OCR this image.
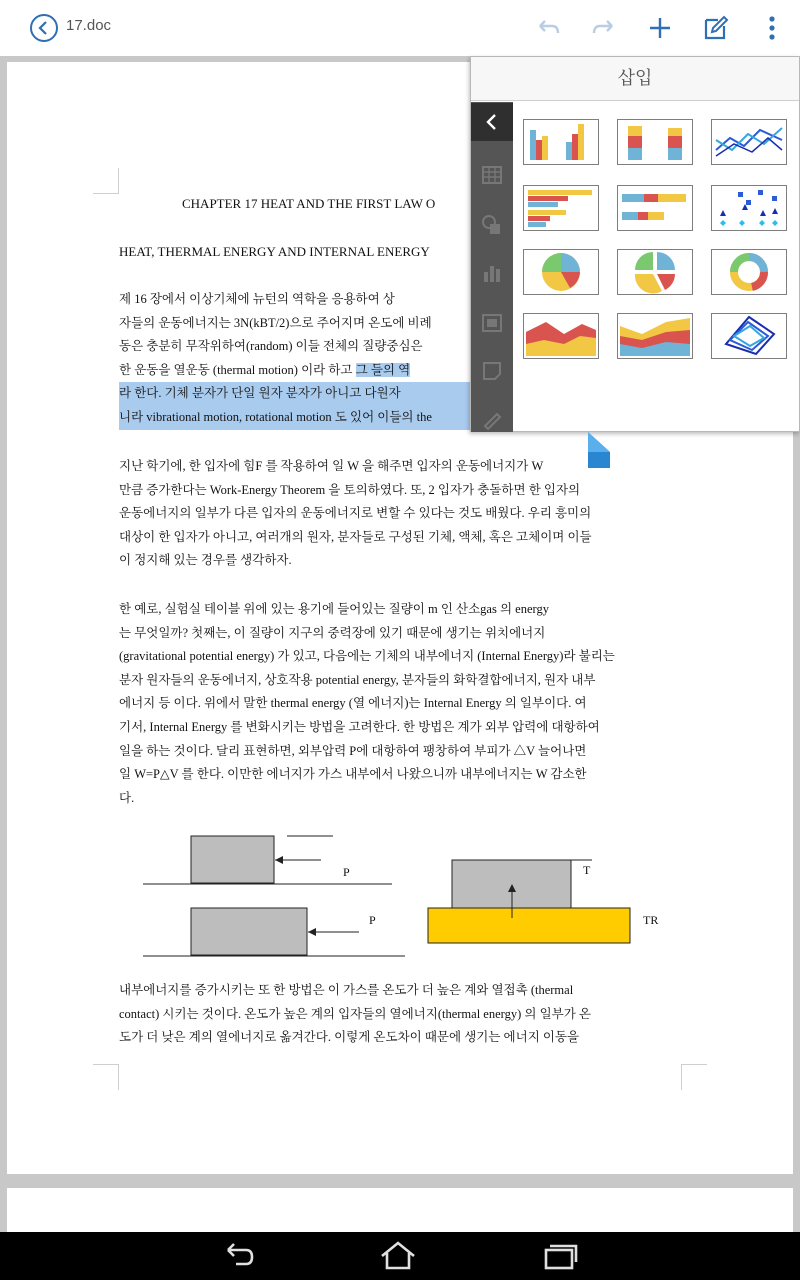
17.doc
CHAPTER 17 HEAT AND THE FIRST LAW O
HEAT, THERMAL ENERGY AND INTERNAL ENERGY
제 16 장에서 이상기체에 뉴턴의 역학을 응용하여 상
자들의 운동에너지는 3N(kBT/2)으로 주어지며 온도에 비례
동은 충분히 무작위하여(random) 이들 전체의 질량중심은
한 운동을 열운동 (thermal motion) 이라 하고 그 들의 역
라 한다. 기체 분자가 단일 원자 분자가 아니고 다원자
니라 vibrational motion, rotational motion 도 있어 이들의 the
지난 학기에, 한 입자에 힘F 를 작용하여 일 W 을 해주면 입자의 운동에너지가 W
만큼 증가한다는 Work-Energy Theorem 을 토의하였다. 또, 2 입자가 충돌하면 한 입자의
운동에너지의 일부가 다른 입자의 운동에너지로 변할 수 있다는 것도 배웠다. 우리 흥미의
대상이 한 입자가 아니고, 여러개의 원자, 분자들로 구성된 기체, 액체, 혹은 고체이며 이들
이 정지해 있는 경우를 생각하자.
한 예로, 실험실 테이블 위에 있는 용기에 들어있는 질량이 m 인 산소gas 의 energy
는 무엇일까? 첫째는, 이 질량이 지구의 중력장에 있기 때문에 생기는 위치에너지
(gravitational potential energy) 가 있고, 다음에는 기체의 내부에너지 (Internal Energy)라 불리는
분자 원자들의 운동에너지, 상호작용 potential energy, 분자들의 화학결합에너지, 원자 내부
에너지 등 이다. 위에서 말한 thermal energy (열 에너지)는 Internal Energy 의 일부이다. 여
기서, Internal Energy 를 변화시키는 방법을 고려한다. 한 방법은 계가 외부 압력에 대항하여
일을 하는 것이다. 달리 표현하면, 외부압력 P에 대항하여 팽창하여 부피가 △V 늘어나면
일 W=P△V 를 한다. 이만한 에너지가 가스 내부에서 나왔으니까 내부에너지는 W 감소한
다.
P
P
T
TR
내부에너지를 증가시키는 또 한 방법은 이 가스를 온도가 더 높은 계와 열접촉 (thermal
contact) 시키는 것이다. 온도가 높은 계의 입자들의 열에너지(thermal energy) 의 일부가 온
도가 더 낮은 계의 열에너지로 옮겨간다. 이렇게 온도차이 때문에 생기는 에너지 이동을
삽입
